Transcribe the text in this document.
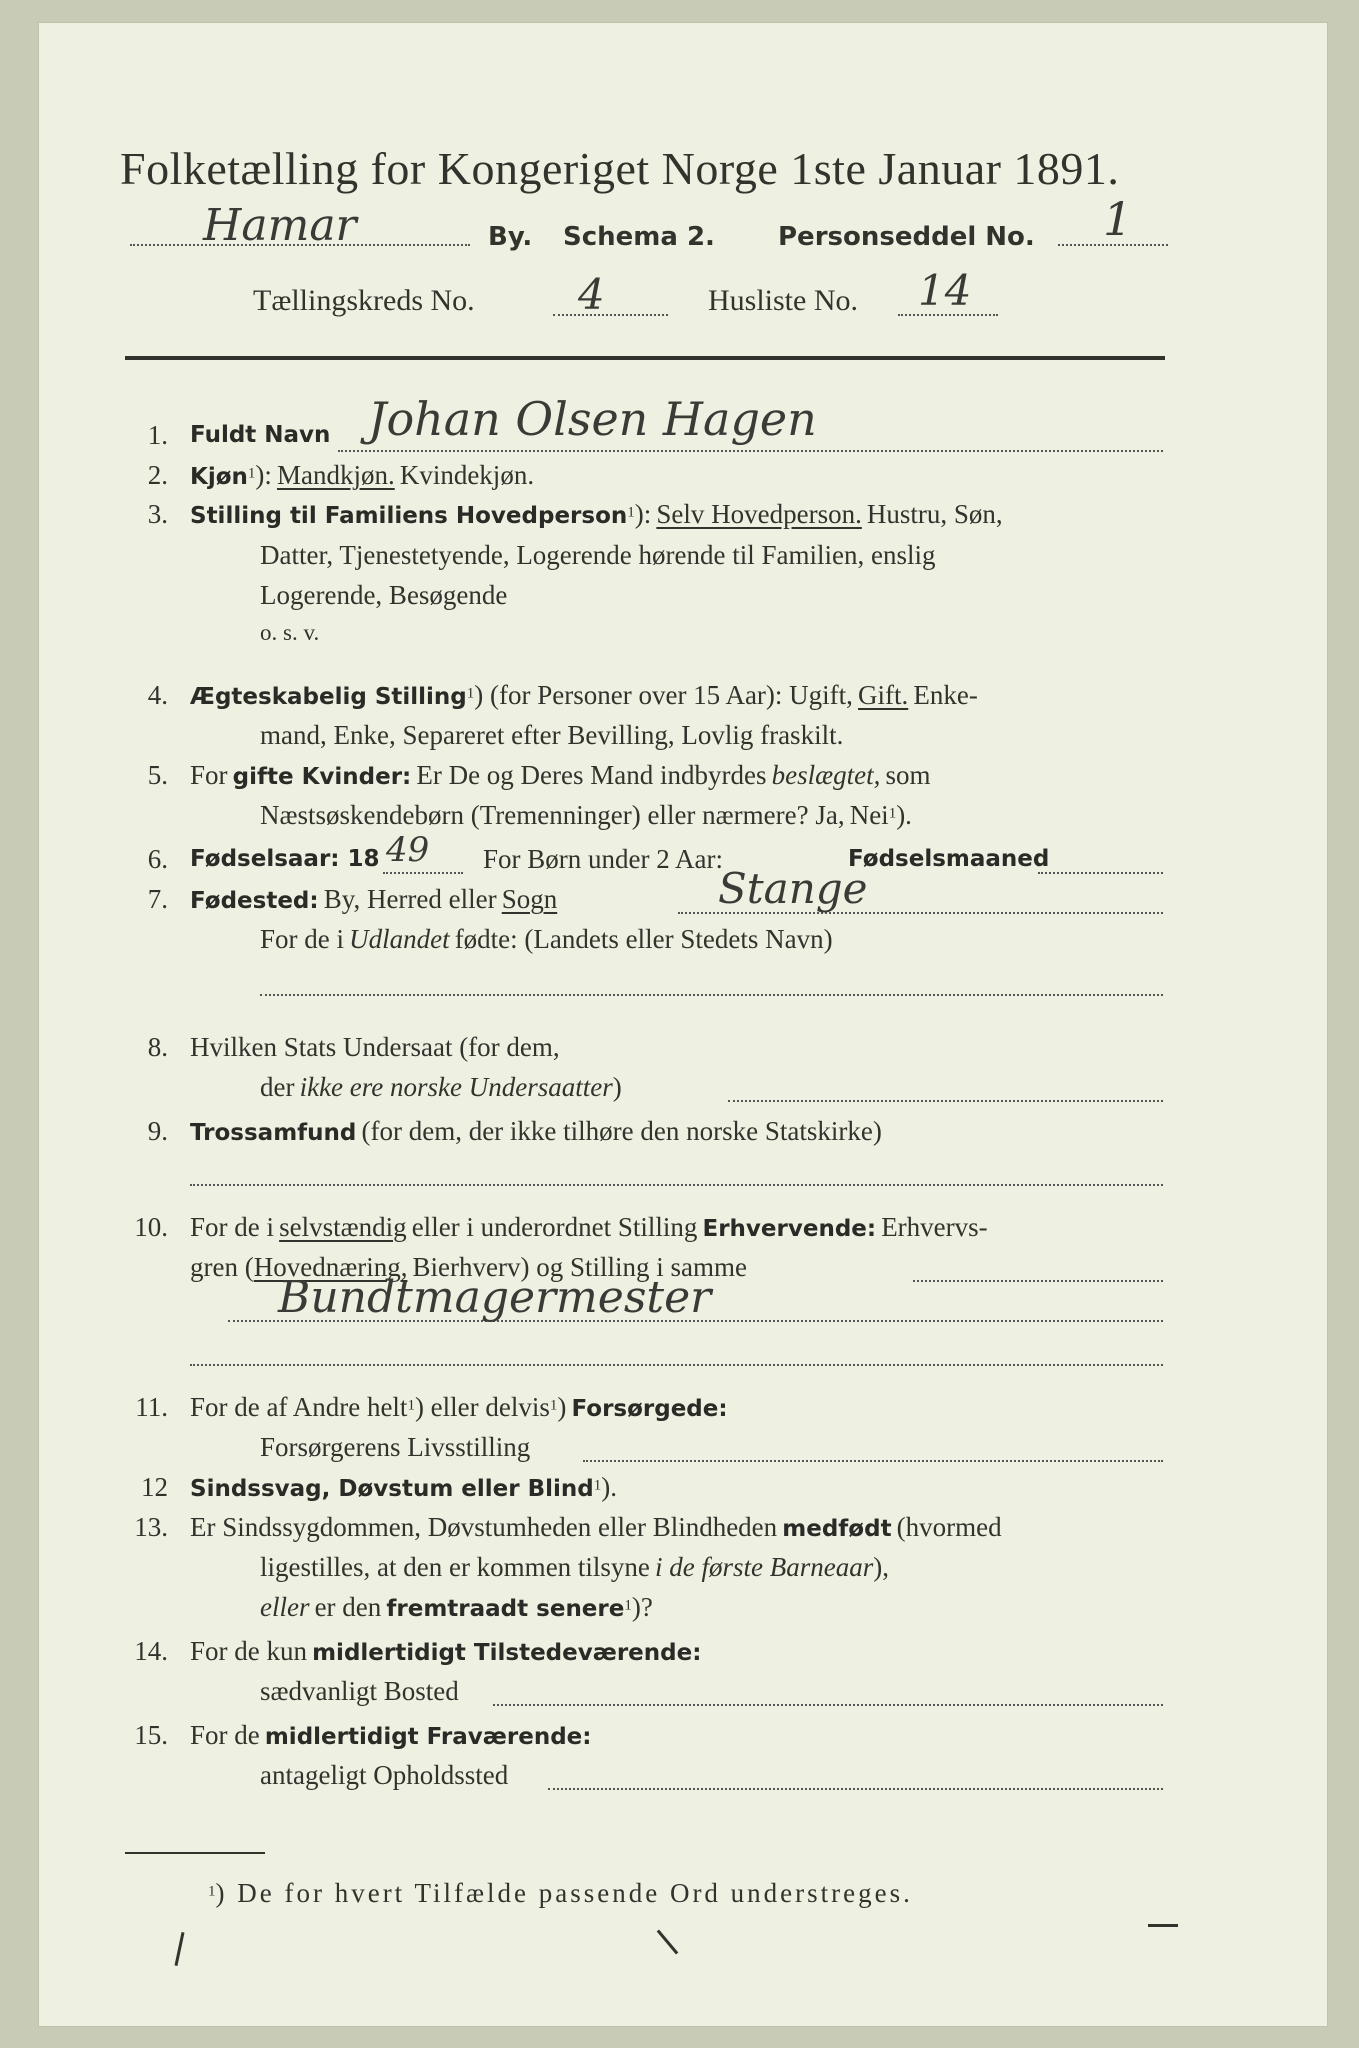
Folketælling for Kongeriget Norge 1ste Januar 1891.
Hamar	By. Schema 2. Personseddel No. 1
Tællingskreds No. 4	Husliste No. 14
1. Fuldt Navn Johan Olsen Hagen
2. Kjøn$^1$): Mandkjøn. Kvindekjøn.
3. Stilling til Familiens Hovedperson$^1$): Selv Hovedperson. Hustru, Søn,
Datter, Tjenestetyende, Logerende hørende til Familien, enslig
Logerende, Besøgende
o. s. v.
4. Ægteskabelig Stilling$^1$) (for Personer over 15 Aar): Ugift, Gift. Enke-
mand, Enke, Separeret efter Bevilling, Lovlig fraskilt.
5. For gifte Kvinder: Er De og Deres Mand indbyrdes beslægtet, som
Næstsøskendebørn (Tremenninger) eller nærmere? Ja, Nei$^1$).
6. Fødselsaar: 18 49 For Børn under 2 Aar:	Fødselsmaaned
7. Fødested: By, Herred eller Sogn	Stange
For de i Udlandet fødte: (Landets eller Stedets Navn)
8. Hvilken Stats Undersaat (for dem,
der ikke ere norske Undersaatter)
9. Trossamfund (for dem, der ikke tilhøre den norske Statskirke)
10. For de i selvstændig eller i underordnet Stilling Erhvervende: Erhvervs-
gren (Hovednæring, Bierhverv) og Stilling i samme
Bundtmagermester
11. For de af Andre helt$^1$) eller delvis$^1$) Forsørgede:
Forsørgerens Livsstilling
12 Sindssvag, Døvstum eller Blind$^1$).
13. Er Sindssygdommen, Døvstumheden eller Blindheden medfødt (hvormed
ligestilles, at den er kommen tilsyne i de første Barneaar),
eller er den fremtraadt senere$^1$)?
14. For de kun midlertidigt Tilstedeværende:
sædvanligt Bosted
15. For de midlertidigt Fraværende:
antageligt Opholdssted
$^1$) De for hvert Tilfælde passende Ord understreges.
